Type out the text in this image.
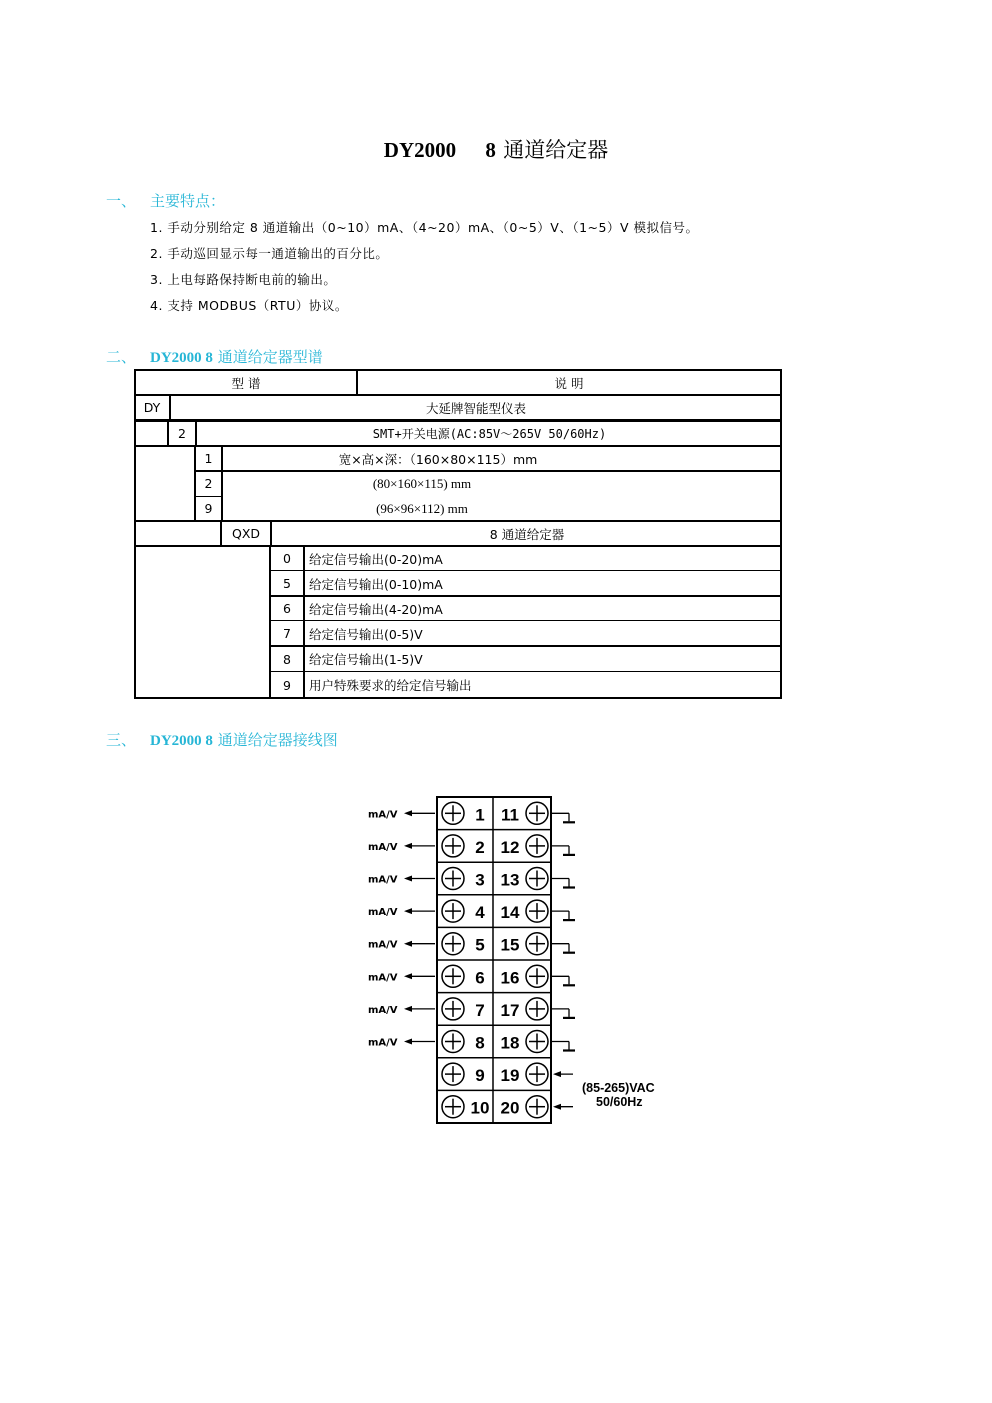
DY2000 8 通道给定器
一、 主要特点：
1. 手动分别给定 8 通道输出（0~10）mA、（4~20）mA、（0~5）V、（1~5）V 模拟信号。
2. 手动巡回显示每一通道输出的百分比。
3. 上电每路保持断电前的输出。
4. 支持 MODBUS（RTU）协议。
二、 DY2000 8 通道给定器型谱
型 谱	说 明
DY	大延牌智能型仪表
2	SMT+开关电源(AC:85V～265V 50/60Hz)
1	宽×高×深：（160×80×115）mm
2	(80×160×115) mm
9	(96×96×112) mm
QXD	8 通道给定器
0	给定信号输出(0-20)mA
5	给定信号输出(0-10)mA
6	给定信号输出(4-20)mA
7	给定信号输出(0-5)V
8	给定信号输出(1-5)V
9	用户特殊要求的给定信号输出
三、 DY2000 8 通道给定器接线图
1 11
mA/V
2 12
mA/V
3 13
mA/V
4 14
mA/V
5 15
mA/V
6 16
mA/V
7 17
mA/V
8 18
mA/V
9 19
10 20
(85-265)VAC
50/60Hz
